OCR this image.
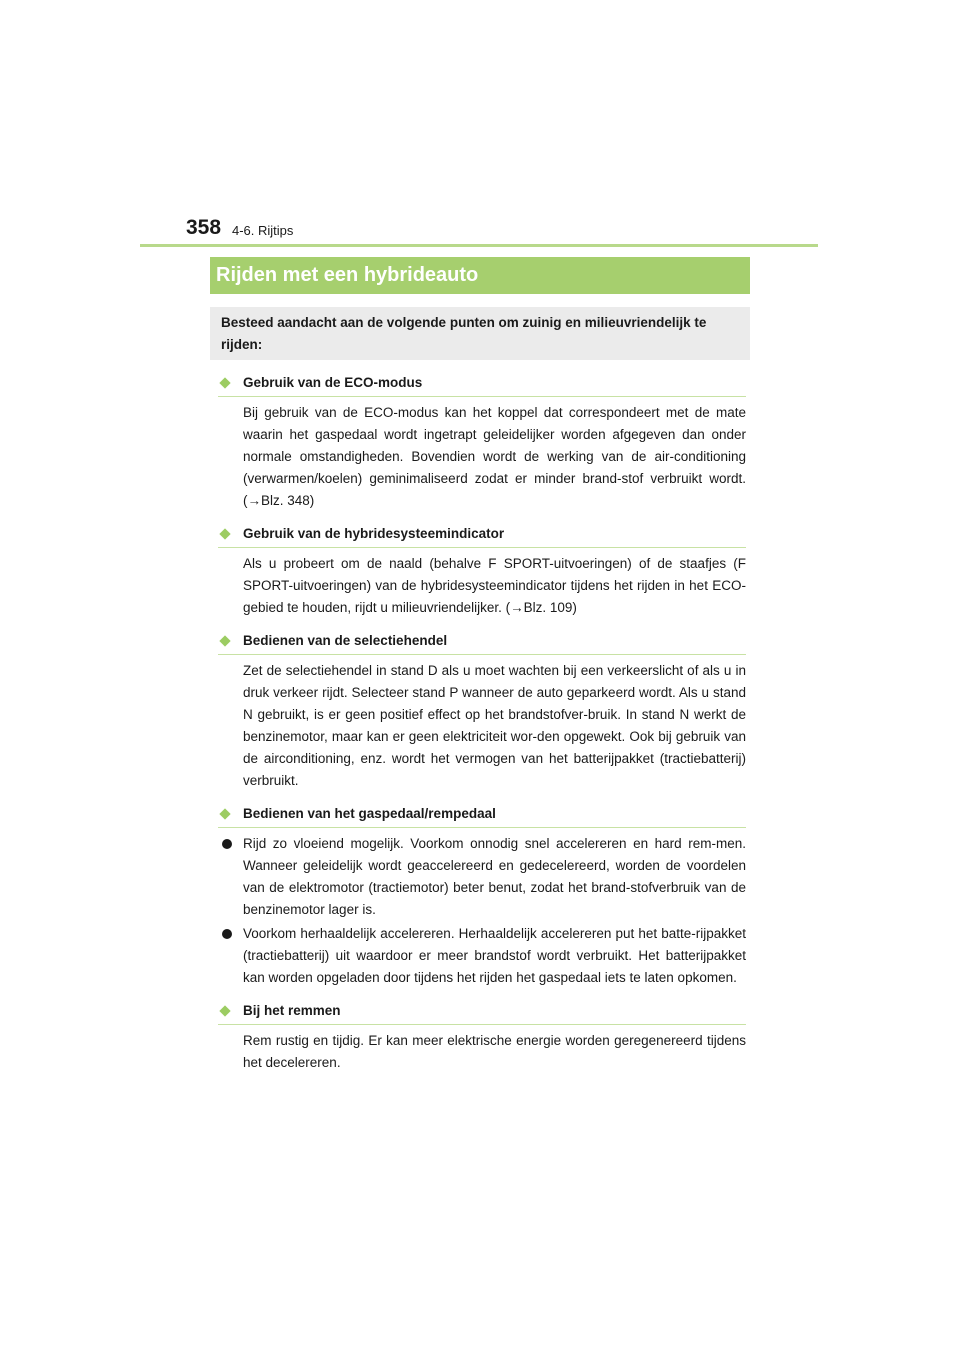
358 4-6. Rijtips
Rijden met een hybrideauto
Besteed aandacht aan de volgende punten om zuinig en milieuvriendelijk te rijden:
Gebruik van de ECO-modus
Bij gebruik van de ECO-modus kan het koppel dat correspondeert met de mate waarin het gaspedaal wordt ingetrapt geleidelijker worden afgegeven dan onder normale omstandigheden. Bovendien wordt de werking van de air-conditioning (verwarmen/koelen) geminimaliseerd zodat er minder brand-stof verbruikt wordt. (→Blz. 348)
Gebruik van de hybridesysteemindicator
Als u probeert om de naald (behalve F SPORT-uitvoeringen) of de staafjes (F SPORT-uitvoeringen) van de hybridesysteemindicator tijdens het rijden in het ECO-gebied te houden, rijdt u milieuvriendelijker. (→Blz. 109)
Bedienen van de selectiehendel
Zet de selectiehendel in stand D als u moet wachten bij een verkeerslicht of als u in druk verkeer rijdt. Selecteer stand P wanneer de auto geparkeerd wordt. Als u stand N gebruikt, is er geen positief effect op het brandstofver-bruik. In stand N werkt de benzinemotor, maar kan er geen elektriciteit wor-den opgewekt. Ook bij gebruik van de airconditioning, enz. wordt het vermogen van het batterijpakket (tractiebatterij) verbruikt.
Bedienen van het gaspedaal/rempedaal
Rijd zo vloeiend mogelijk. Voorkom onnodig snel accelereren en hard rem-men. Wanneer geleidelijk wordt geaccelereerd en gedecelereerd, worden de voordelen van de elektromotor (tractiemotor) beter benut, zodat het brand-stofverbruik van de benzinemotor lager is.
Voorkom herhaaldelijk accelereren. Herhaaldelijk accelereren put het batte-rijpakket (tractiebatterij) uit waardoor er meer brandstof wordt verbruikt. Het batterijpakket kan worden opgeladen door tijdens het rijden het gaspedaal iets te laten opkomen.
Bij het remmen
Rem rustig en tijdig. Er kan meer elektrische energie worden geregenereerd tijdens het decelereren.
